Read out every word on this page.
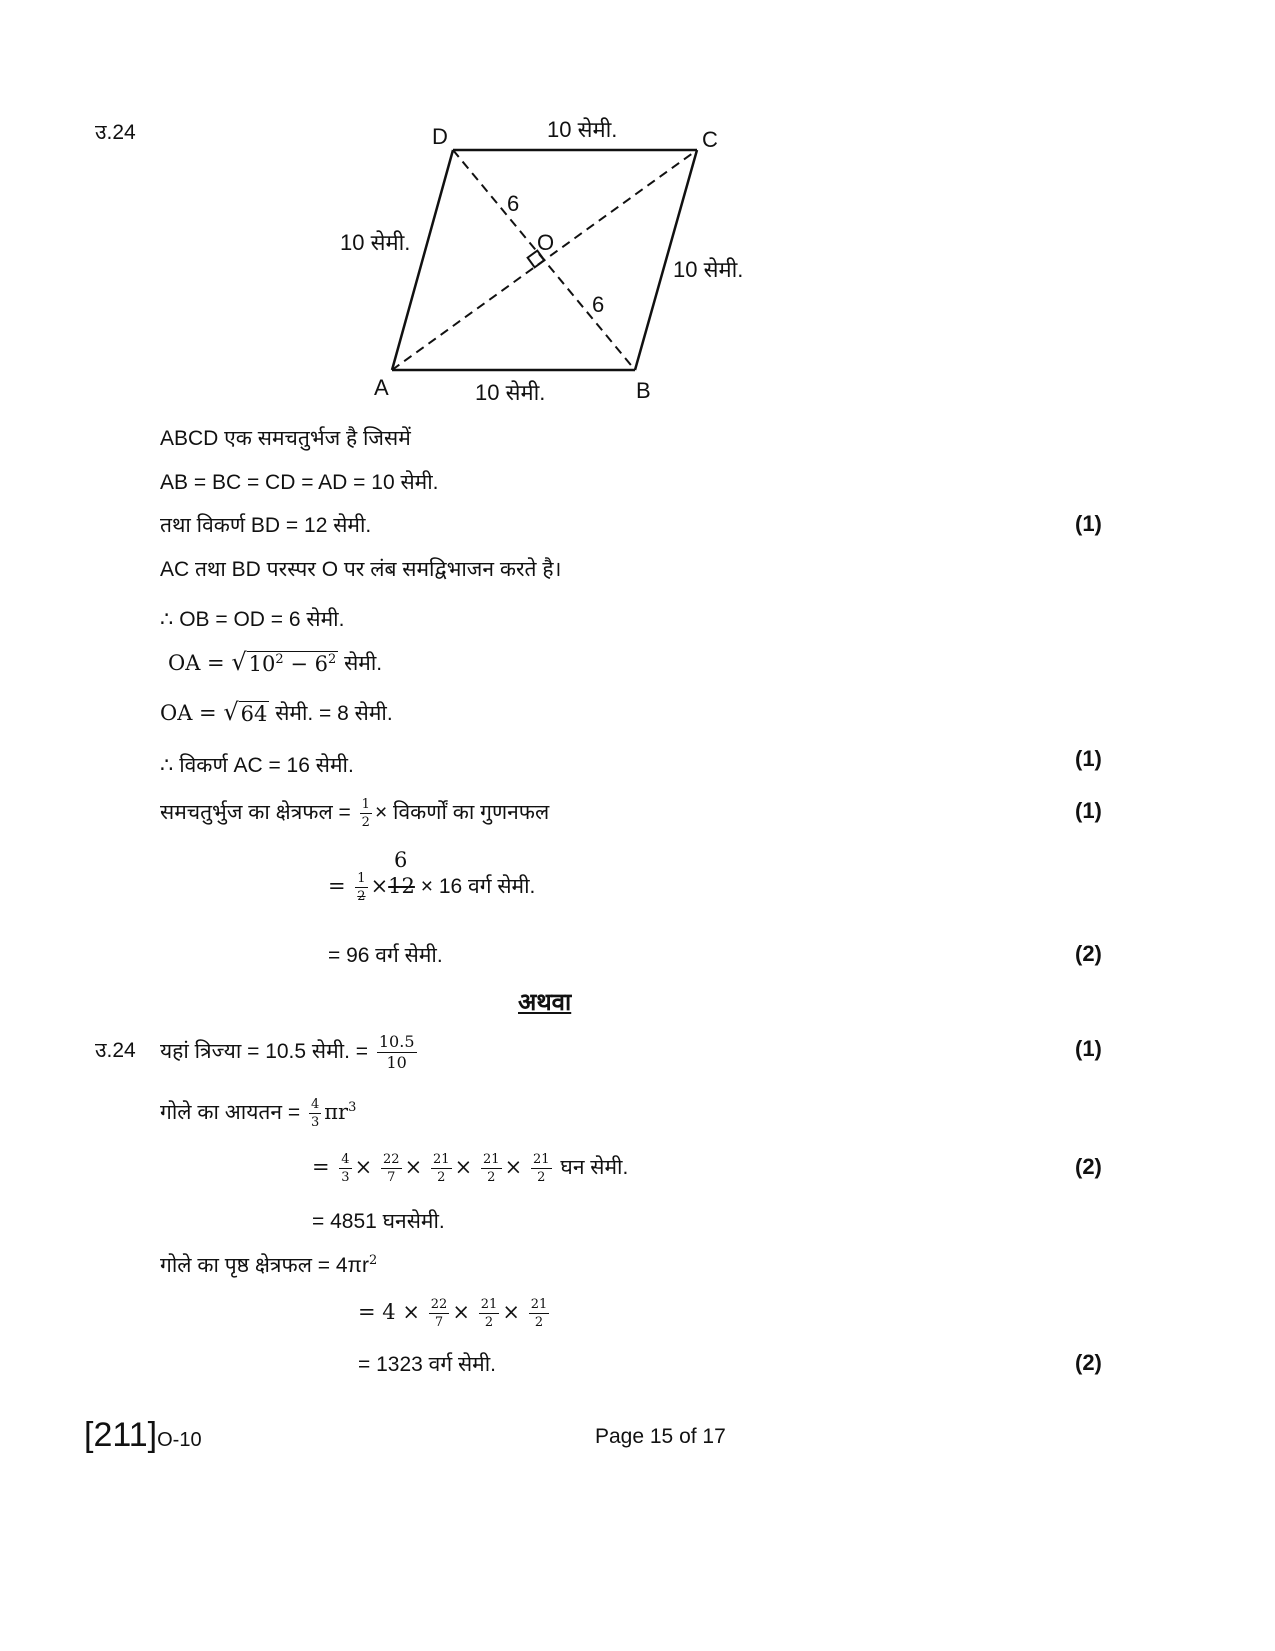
उ.24	D	C
A	B
O
10 सेमी.
10 सेमी.
10 सेमी.
10 सेमी.
6
6
ABCD एक समचतुर्भज है जिसमें
AB = BC = CD = AD = 10 सेमी.
तथा विकर्ण BD = 12 सेमी.	(1)
AC तथा BD परस्पर O पर लंब समद्विभाजन करते है।
∴ OB = OD = 6 सेमी.
OA = √ $10^2 - 6^2$ सेमी.
OA = √ 64 सेमी. = 8 सेमी.
∴ विकर्ण AC = 16 सेमी.	(1)
समचतुर्भुज का क्षेत्रफल = $\frac{1}{2}$ × विकर्णों का गुणनफल	(1)
6
= $\frac{1}{2} \times 12 \times 16$ वर्ग सेमी.
= 96 वर्ग सेमी.	(2)
अथवा
उ.24 यहां त्रिज्या = 10.5 सेमी. = $\frac{10.5}{10}$	(1)
गोले का आयतन = $\frac{4}{3} \pi r^3$
= $\frac{4}{3} \times \frac{22}{7} \times \frac{21}{2} \times \frac{21}{2} \times \frac{21}{2}$ घन सेमी.	(2)
= 4851 घनसेमी.
गोले का पृष्ठ क्षेत्रफल = $4\pi r^2$
= $4 \times \frac{22}{7} \times \frac{21}{2} \times \frac{21}{2}$
= 1323 वर्ग सेमी.	(2)
[211]O-10	Page 15 of 17
